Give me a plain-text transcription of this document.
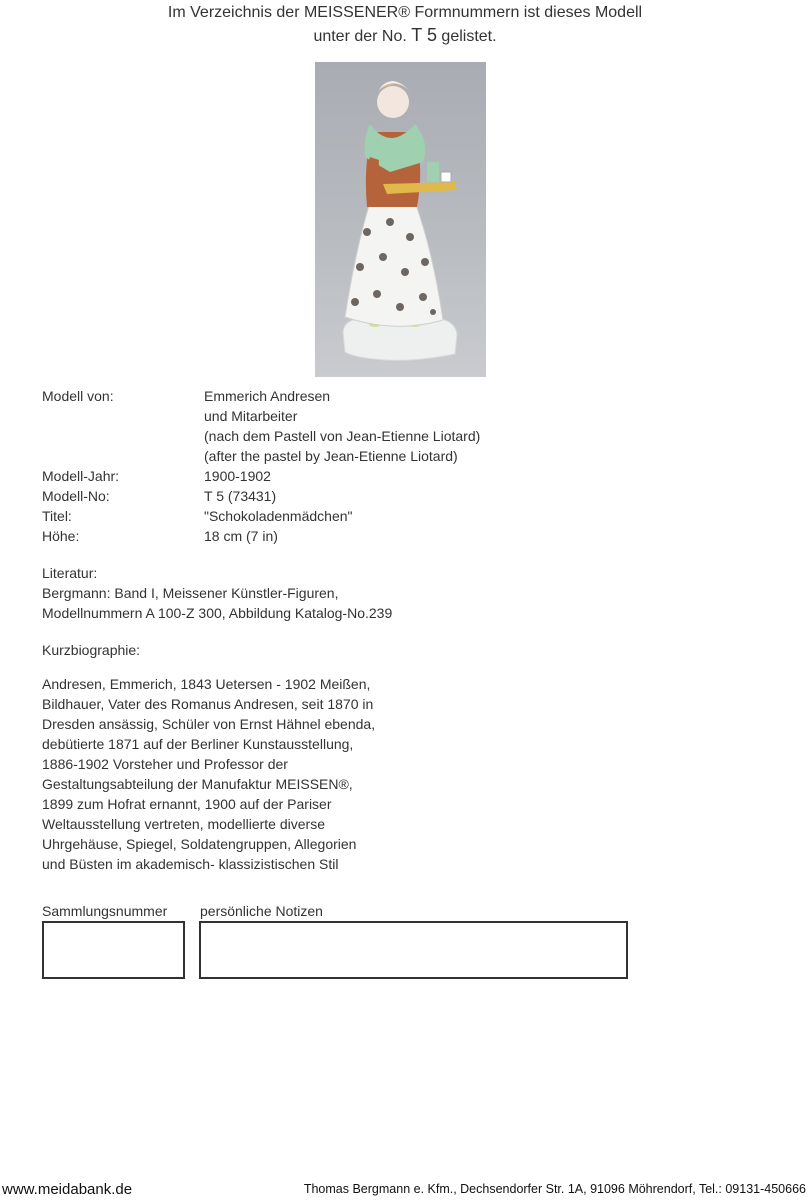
Im Verzeichnis der MEISSENER® Formnummern ist dieses Modell
unter der No. T 5 gelistet.
Modell von:	Emmerich Andresen
und Mitarbeiter
(nach dem Pastell von Jean-Etienne Liotard)
(after the pastel by Jean-Etienne Liotard)
Modell-Jahr:	1900-1902
Modell-No:	T 5 (73431)
Titel:	"Schokoladenmädchen"
Höhe:	18 cm (7 in)
Literatur:
Bergmann: Band I, Meissener Künstler-Figuren,
Modellnummern A 100-Z 300, Abbildung Katalog-No.239
Kurzbiographie:
Andresen, Emmerich, 1843 Uetersen - 1902 Meißen,
Bildhauer, Vater des Romanus Andresen, seit 1870 in
Dresden ansässig, Schüler von Ernst Hähnel ebenda,
debütierte 1871 auf der Berliner Kunstausstellung,
1886-1902 Vorsteher und Professor der
Gestaltungsabteilung der Manufaktur MEISSEN®,
1899 zum Hofrat ernannt, 1900 auf der Pariser
Weltausstellung vertreten, modellierte diverse
Uhrgehäuse, Spiegel, Soldatengruppen, Allegorien
und Büsten im akademisch- klassizistischen Stil
Sammlungsnummer persönliche Notizen
www.meidabank.de	Thomas Bergmann e. Kfm., Dechsendorfer Str. 1A, 91096 Möhrendorf, Tel.: 09131-450666
